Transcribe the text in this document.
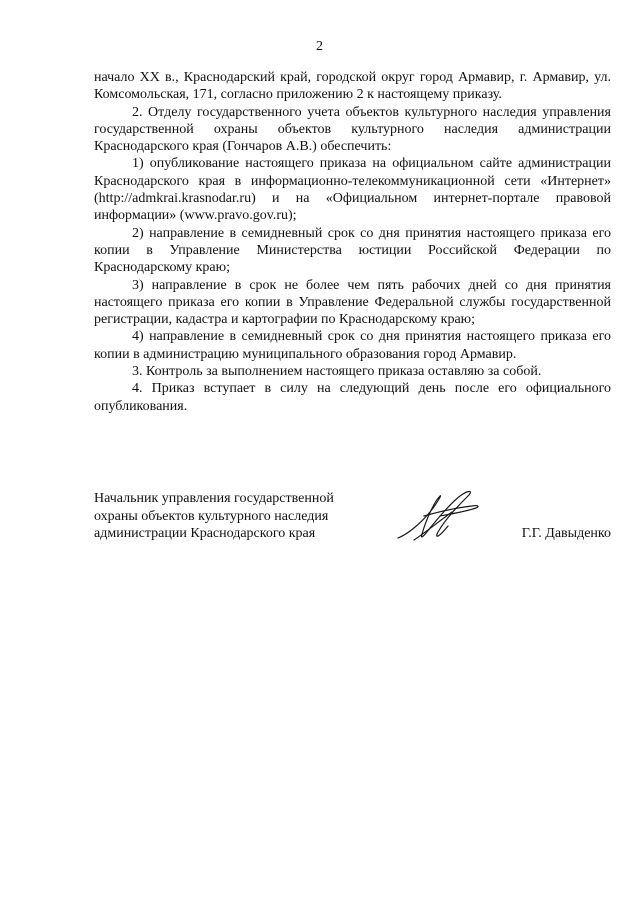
2

начало XX в., Краснодарский край, городской округ город Армавир, г. Армавир, ул. Комсомольская, 171, согласно приложению 2 к настоящему приказу.

2. Отделу государственного учета объектов культурного наследия управления государственной охраны объектов культурного наследия администрации Краснодарского края (Гончаров А.В.) обеспечить:

1) опубликование настоящего приказа на официальном сайте администрации Краснодарского края в информационно-телекоммуникационной сети «Интернет» (http://admkrai.krasnodar.ru) и на «Официальном интернет-портале правовой информации» (www.pravo.gov.ru);

2) направление в семидневный срок со дня принятия настоящего приказа его копии в Управление Министерства юстиции Российской Федерации по Краснодарскому краю;

3) направление в срок не более чем пять рабочих дней со дня принятия настоящего приказа его копии в Управление Федеральной службы государственной регистрации, кадастра и картографии по Краснодарскому краю;

4) направление в семидневный срок со дня принятия настоящего приказа его копии в администрацию муниципального образования город Армавир.

3. Контроль за выполнением настоящего приказа оставляю за собой.

4. Приказ вступает в силу на следующий день после его официального опубликования.

Начальник управления государственной
охраны объектов культурного наследия
администрации Краснодарского края	Г.Г. Давыденко
